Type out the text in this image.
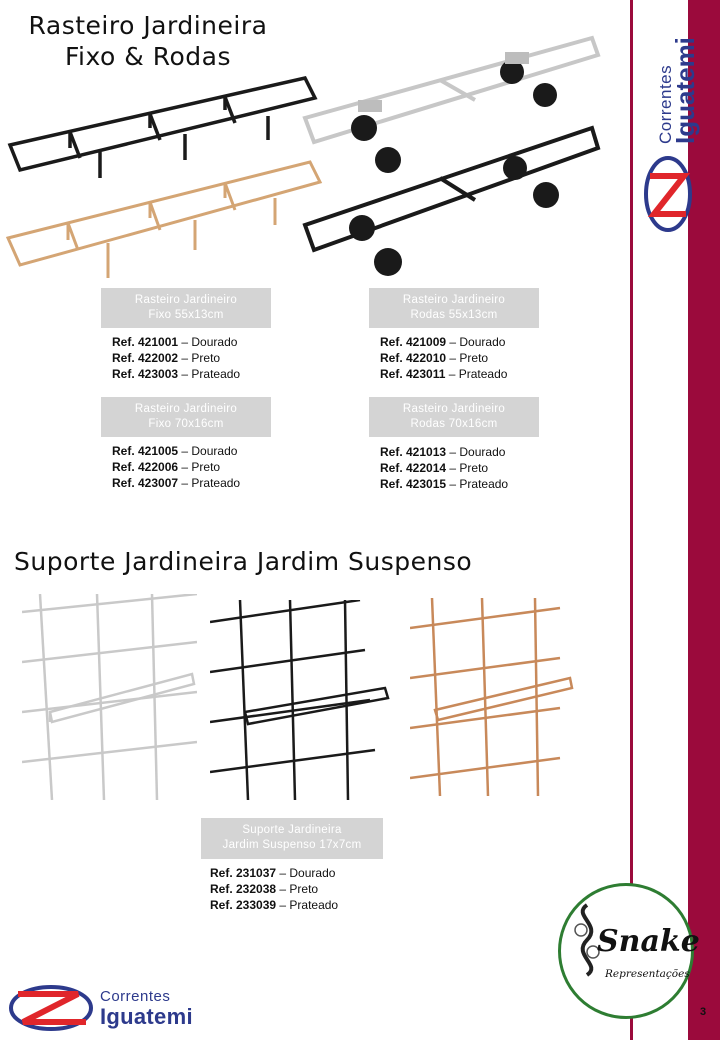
Rasteiro Jardineira
Fixo & Rodas
Rasteiro Jardineiro
Fixo 55x13cm
Ref. 421001 – Dourado
Ref. 422002 – Preto
Ref. 423003 – Prateado
Rasteiro Jardineiro
Rodas 55x13cm
Ref. 421009 – Dourado
Ref. 422010 – Preto
Ref. 423011 – Prateado
Rasteiro Jardineiro
Fixo 70x16cm
Ref. 421005 – Dourado
Ref. 422006 – Preto
Ref. 423007 – Prateado
Rasteiro Jardineiro
Rodas 70x16cm
Ref. 421013 – Dourado
Ref. 422014 – Preto
Ref. 423015 – Prateado
Suporte Jardineira Jardim Suspenso
Suporte Jardineira
Jardim Suspenso 17x7cm
Ref. 231037 – Dourado
Ref. 232038 – Preto
Ref. 233039 – Prateado
Correntes
Iguatemi
Snake
Representações
3
Correntes
Iguatemi
